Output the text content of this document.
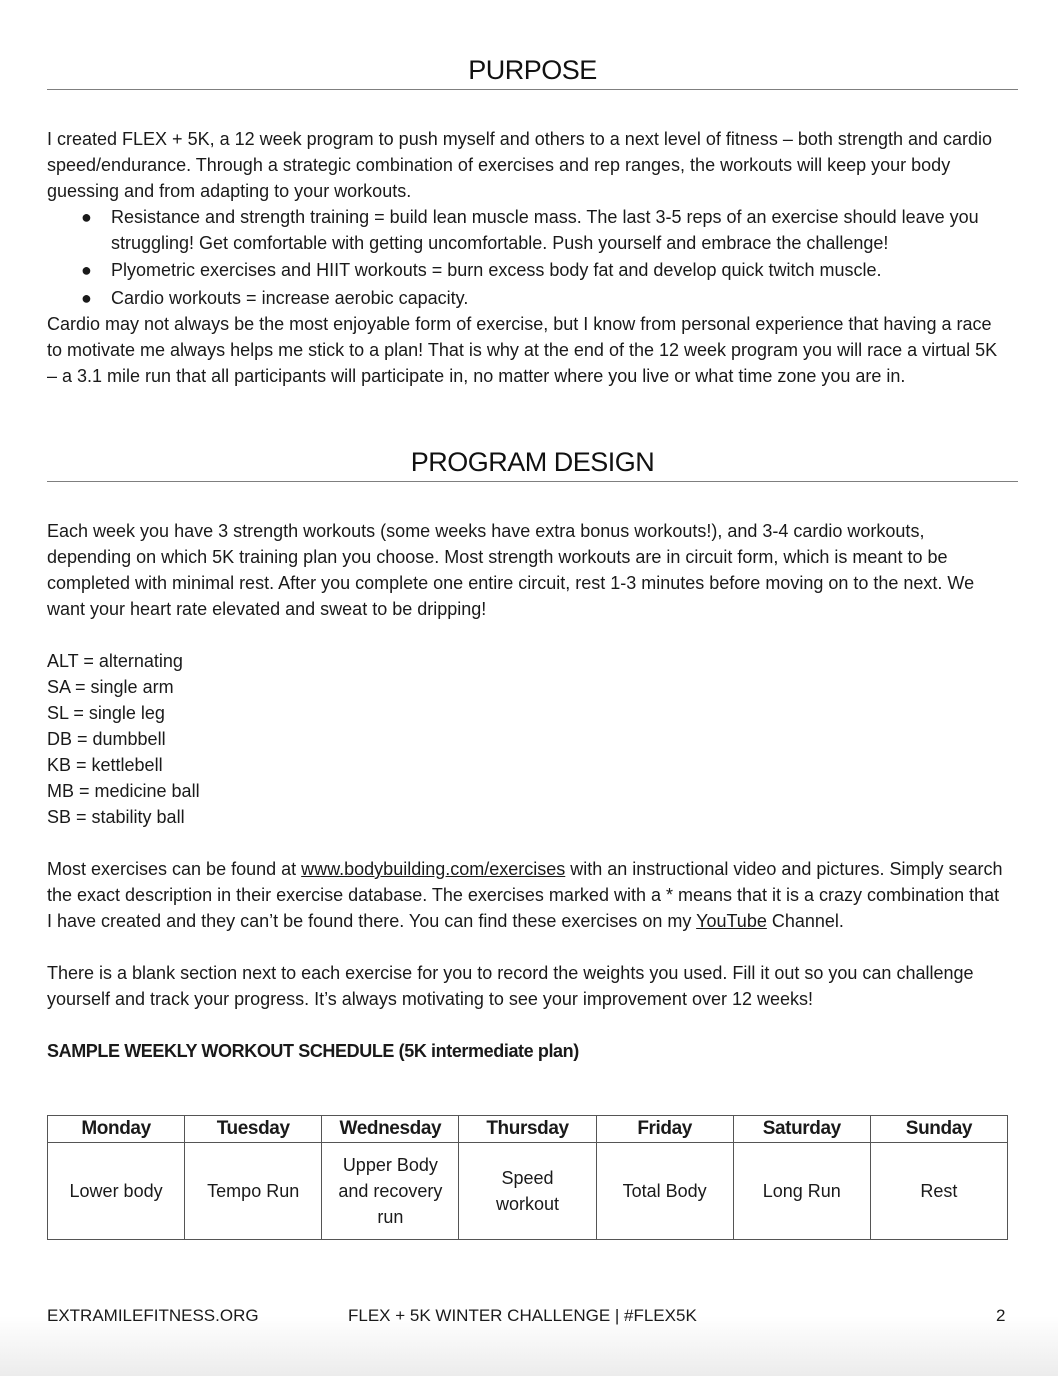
PURPOSE

I created FLEX + 5K, a 12 week program to push myself and others to a next level of fitness – both strength and cardio speed/endurance. Through a strategic combination of exercises and rep ranges, the workouts will keep your body guessing and from adapting to your workouts.

● Resistance and strength training = build lean muscle mass. The last 3-5 reps of an exercise should leave you struggling! Get comfortable with getting uncomfortable. Push yourself and embrace the challenge!
● Plyometric exercises and HIIT workouts = burn excess body fat and develop quick twitch muscle.
● Cardio workouts = increase aerobic capacity.

Cardio may not always be the most enjoyable form of exercise, but I know from personal experience that having a race to motivate me always helps me stick to a plan! That is why at the end of the 12 week program you will race a virtual 5K – a 3.1 mile run that all participants will participate in, no matter where you live or what time zone you are in.

PROGRAM DESIGN

Each week you have 3 strength workouts (some weeks have extra bonus workouts!), and 3-4 cardio workouts, depending on which 5K training plan you choose. Most strength workouts are in circuit form, which is meant to be completed with minimal rest. After you complete one entire circuit, rest 1-3 minutes before moving on to the next. We want your heart rate elevated and sweat to be dripping!

ALT = alternating

SA = single arm

SL = single leg

DB = dumbbell

KB = kettlebell

MB = medicine ball

SB = stability ball

Most exercises can be found at www.bodybuilding.com/exercises with an instructional video and pictures. Simply search the exact description in their exercise database. The exercises marked with a * means that it is a crazy combination that I have created and they can’t be found there. You can find these exercises on my YouTube Channel.

There is a blank section next to each exercise for you to record the weights you used. Fill it out so you can challenge yourself and track your progress. It’s always motivating to see your improvement over 12 weeks!

SAMPLE WEEKLY WORKOUT SCHEDULE (5K intermediate plan)

Monday	Tuesday	Wednesday	Thursday	Friday	Saturday	Sunday
Lower body	Tempo Run	Upper Body and recovery run	Speed workout	Total Body	Long Run	Rest
EXTRAMILEFITNESS.ORG	FLEX + 5K WINTER CHALLENGE | #FLEX5K	2
